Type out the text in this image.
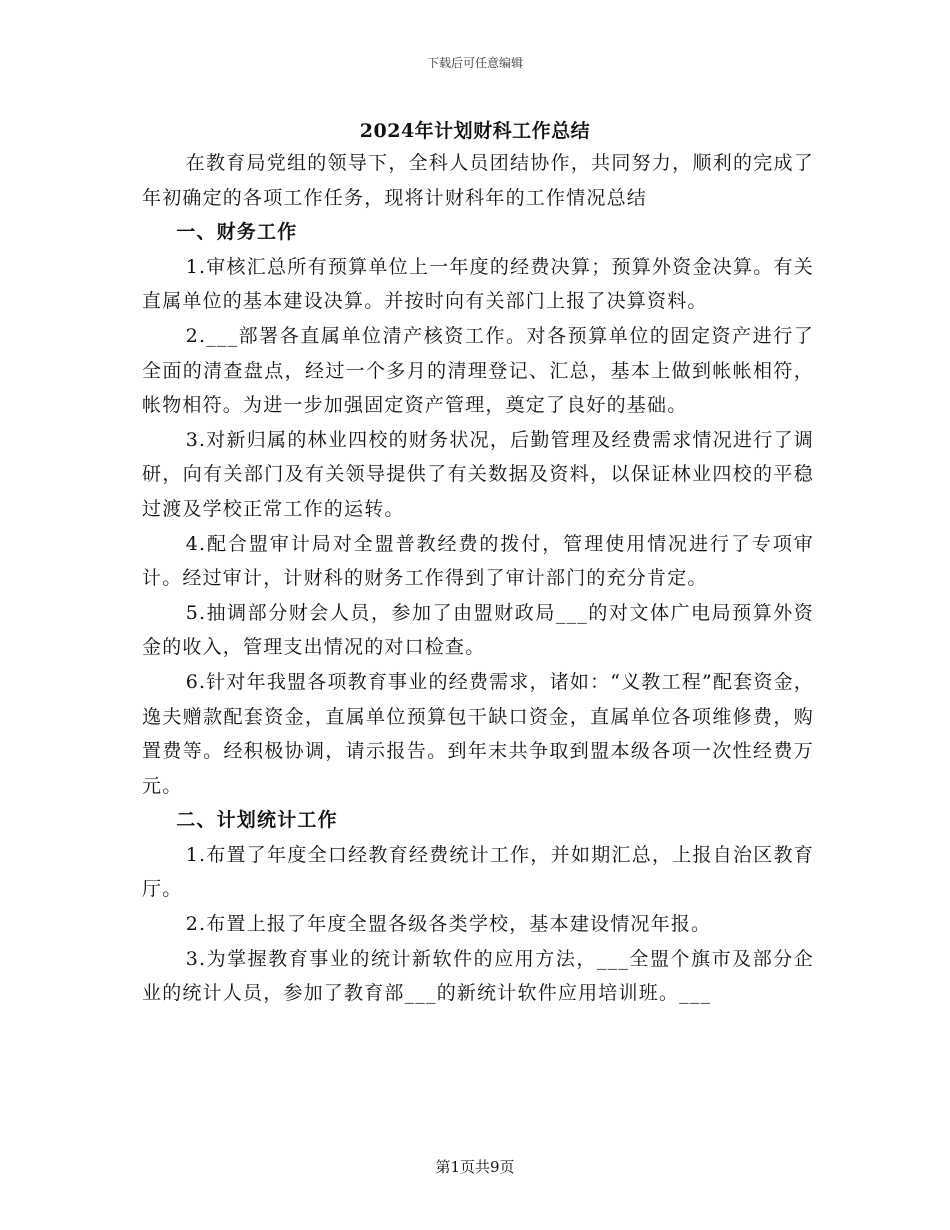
下载后可任意编辑
2024年计划财科工作总结

在教育局党组的领导下，全科人员团结协作，共同努力，顺利的完成了年初确定的各项工作任务，现将计财科年的工作情况总结

一、财务工作

1.审核汇总所有预算单位上一年度的经费决算；预算外资金决算。有关直属单位的基本建设决算。并按时向有关部门上报了决算资料。

2.___部署各直属单位清产核资工作。对各预算单位的固定资产进行了全面的清查盘点，经过一个多月的清理登记、汇总，基本上做到帐帐相符，帐物相符。为进一步加强固定资产管理，奠定了良好的基础。

3.对新归属的林业四校的财务状况，后勤管理及经费需求情况进行了调研，向有关部门及有关领导提供了有关数据及资料，以保证林业四校的平稳过渡及学校正常工作的运转。

4.配合盟审计局对全盟普教经费的拨付，管理使用情况进行了专项审计。经过审计，计财科的财务工作得到了审计部门的充分肯定。

5.抽调部分财会人员，参加了由盟财政局___的对文体广电局预算外资金的收入，管理支出情况的对口检查。

6.针对年我盟各项教育事业的经费需求，诸如：“义教工程”配套资金，逸夫赠款配套资金，直属单位预算包干缺口资金，直属单位各项维修费，购置费等。经积极协调，请示报告。到年末共争取到盟本级各项一次性经费万元。

二、计划统计工作

1.布置了年度全口经教育经费统计工作，并如期汇总，上报自治区教育厅。

2.布置上报了年度全盟各级各类学校，基本建设情况年报。

3.为掌握教育事业的统计新软件的应用方法，___全盟个旗市及部分企业的统计人员，参加了教育部___的新统计软件应用培训班。___

第1页共9页
